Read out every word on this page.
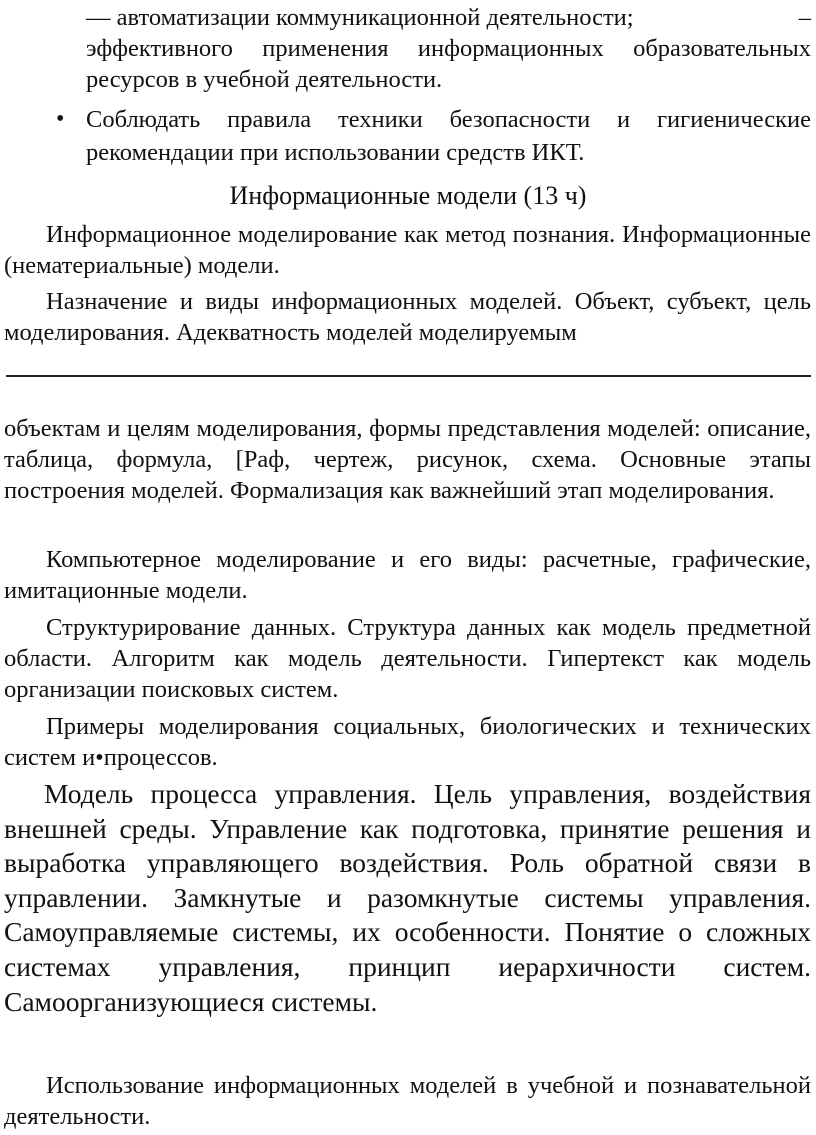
— автоматизации коммуникационной деятельности;	–

эффективного применения информационных образовательных ресурсов в учебной деятельности.
• Соблюдать правила техники безопасности и гигиенические рекомендации при использовании средств ИКТ.
Информационные модели (13 ч)

Информационное моделирование как метод познания. Информационные (нематериальные) модели.

Назначение и виды информационных моделей. Объект, субъект, цель моделирования. Адекватность моделей моделируемым

объектам и целям моделирования, формы представления моделей: описание, таблица, формула, [Раф, чертеж, рисунок, схема. Основные этапы построения моделей. Формализация как важнейший этап моделирования.

Компьютерное моделирование и его виды: расчетные, графические, имитационные модели.

Структурирование данных. Структура данных как модель предметной области. Алгоритм как модель деятельности. Гипертекст как модель организации поисковых систем.

Примеры моделирования социальных, биологических и технических систем и•процессов.

Модель процесса управления. Цель управления, воздействия внешней среды. Управление как подготовка, принятие решения и выработка управляющего воздействия. Роль обратной связи в управлении. Замкнутые и разомкнутые системы управления. Самоуправляемые системы, их особенности. Понятие о сложных системах управления, принцип иерархичности систем. Самоорганизующиеся системы.

Использование информационных моделей в учебной и познавательной деятельности.
